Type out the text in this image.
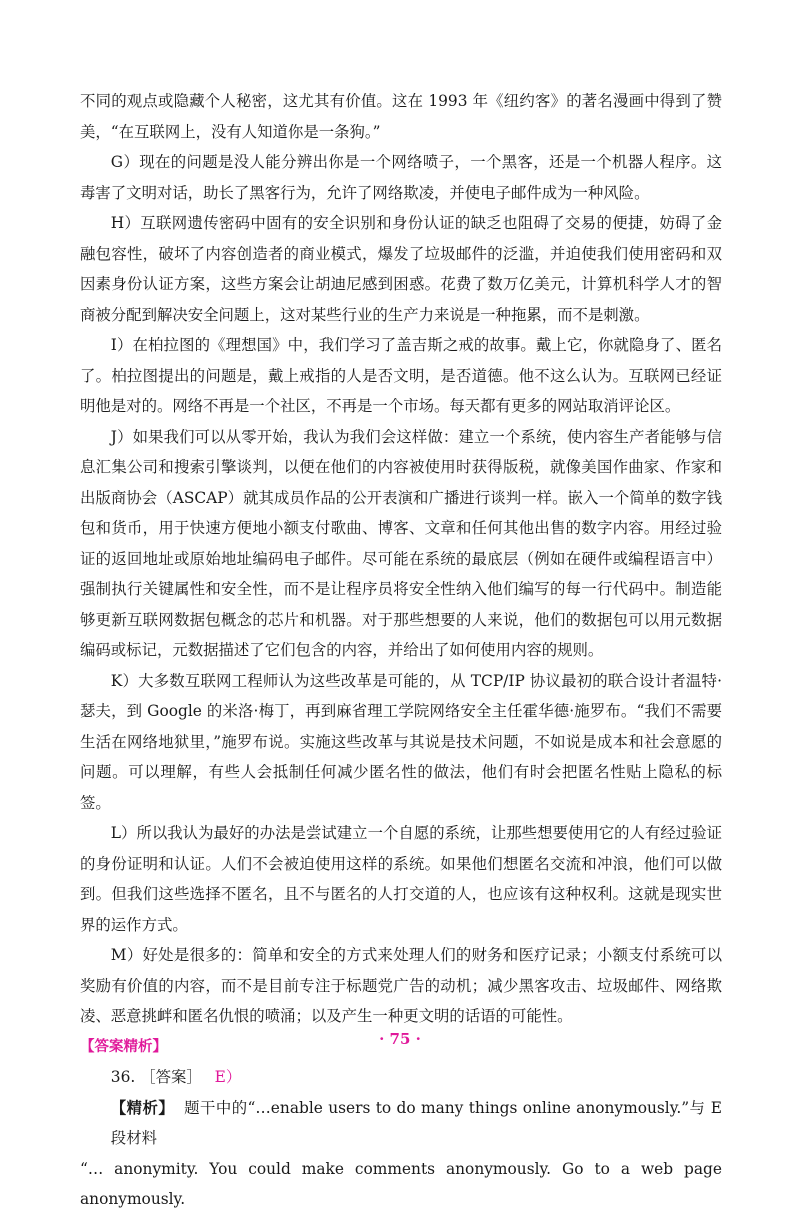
不同的观点或隐藏个人秘密，这尤其有价值。这在 1993 年《纽约客》的著名漫画中得到了赞美，“在互联网上，没有人知道你是一条狗。”

G）现在的问题是没人能分辨出你是一个网络喷子，一个黑客，还是一个机器人程序。这毒害了文明对话，助长了黑客行为，允许了网络欺凌，并使电子邮件成为一种风险。

H）互联网遗传密码中固有的安全识别和身份认证的缺乏也阻碍了交易的便捷，妨碍了金融包容性，破坏了内容创造者的商业模式，爆发了垃圾邮件的泛滥，并迫使我们使用密码和双因素身份认证方案，这些方案会让胡迪尼感到困惑。花费了数万亿美元，计算机科学人才的智商被分配到解决安全问题上，这对某些行业的生产力来说是一种拖累，而不是刺激。

I）在柏拉图的《理想国》中，我们学习了盖吉斯之戒的故事。戴上它，你就隐身了、匿名了。柏拉图提出的问题是，戴上戒指的人是否文明，是否道德。他不这么认为。互联网已经证明他是对的。网络不再是一个社区，不再是一个市场。每天都有更多的网站取消评论区。

J）如果我们可以从零开始，我认为我们会这样做：建立一个系统，使内容生产者能够与信息汇集公司和搜索引擎谈判，以便在他们的内容被使用时获得版税，就像美国作曲家、作家和出版商协会（ASCAP）就其成员作品的公开表演和广播进行谈判一样。嵌入一个简单的数字钱包和货币，用于快速方便地小额支付歌曲、博客、文章和任何其他出售的数字内容。用经过验证的返回地址或原始地址编码电子邮件。尽可能在系统的最底层（例如在硬件或编程语言中）强制执行关键属性和安全性，而不是让程序员将安全性纳入他们编写的每一行代码中。制造能够更新互联网数据包概念的芯片和机器。对于那些想要的人来说，他们的数据包可以用元数据编码或标记，元数据描述了它们包含的内容，并给出了如何使用内容的规则。

K）大多数互联网工程师认为这些改革是可能的，从 TCP/IP 协议最初的联合设计者温特·瑟夫，到 Google 的米洛·梅丁，再到麻省理工学院网络安全主任霍华德·施罗布。“我们不需要生活在网络地狱里，”施罗布说。实施这些改革与其说是技术问题，不如说是成本和社会意愿的问题。可以理解，有些人会抵制任何减少匿名性的做法，他们有时会把匿名性贴上隐私的标签。

L）所以我认为最好的办法是尝试建立一个自愿的系统，让那些想要使用它的人有经过验证的身份证明和认证。人们不会被迫使用这样的系统。如果他们想匿名交流和冲浪，他们可以做到。但我们这些选择不匿名，且不与匿名的人打交道的人，也应该有这种权利。这就是现实世界的运作方式。

M）好处是很多的：简单和安全的方式来处理人们的财务和医疗记录；小额支付系统可以奖励有价值的内容，而不是目前专注于标题党广告的动机；减少黑客攻击、垃圾邮件、网络欺凌、恶意挑衅和匿名仇恨的喷涌；以及产生一种更文明的话语的可能性。

【答案精析】

36. ［答案］ E）

【精析】 题干中的“…enable users to do many things online anonymously.”与 E 段材料

“… anonymity. You could make comments anonymously. Go to a web page anonymously.

· 75 ·
